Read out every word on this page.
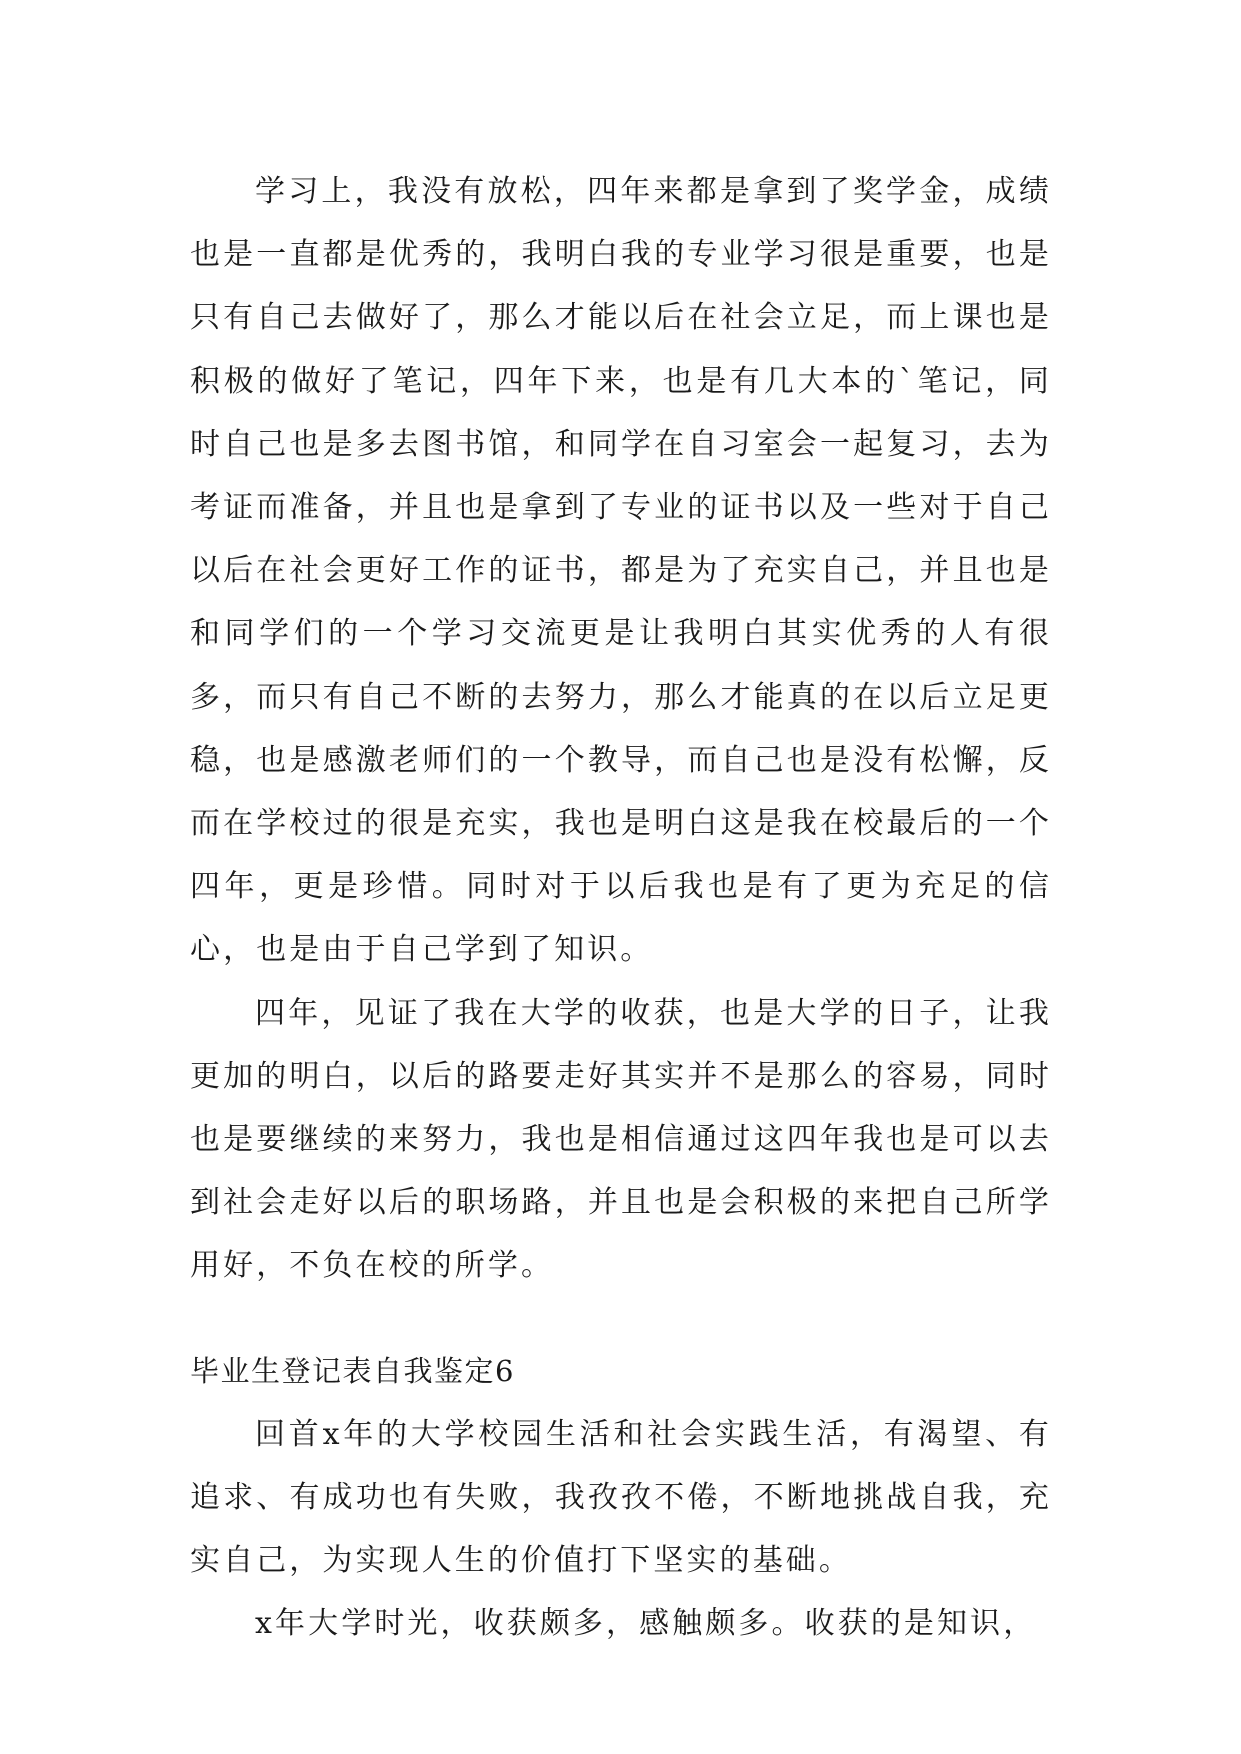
学习上，我没有放松，四年来都是拿到了奖学金，成绩也是一直都是优秀的，我明白我的专业学习很是重要，也是只有自己去做好了，那么才能以后在社会立足，而上课也是积极的做好了笔记，四年下来，也是有几大本的`笔记，同时自己也是多去图书馆，和同学在自习室会一起复习，去为考证而准备，并且也是拿到了专业的证书以及一些对于自己以后在社会更好工作的证书，都是为了充实自己，并且也是和同学们的一个学习交流更是让我明白其实优秀的人有很多，而只有自己不断的去努力，那么才能真的在以后立足更稳，也是感激老师们的一个教导，而自己也是没有松懈，反而在学校过的很是充实，我也是明白这是我在校最后的一个四年，更是珍惜。同时对于以后我也是有了更为充足的信心，也是由于自己学到了知识。

四年，见证了我在大学的收获，也是大学的日子，让我更加的明白，以后的路要走好其实并不是那么的容易，同时也是要继续的来努力，我也是相信通过这四年我也是可以去到社会走好以后的职场路，并且也是会积极的来把自己所学用好，不负在校的所学。

毕业生登记表自我鉴定6

回首x年的大学校园生活和社会实践生活，有渴望、有追求、有成功也有失败，我孜孜不倦，不断地挑战自我，充实自己，为实现人生的价值打下坚实的基础。

x年大学时光，收获颇多，感触颇多。收获的是知识，
